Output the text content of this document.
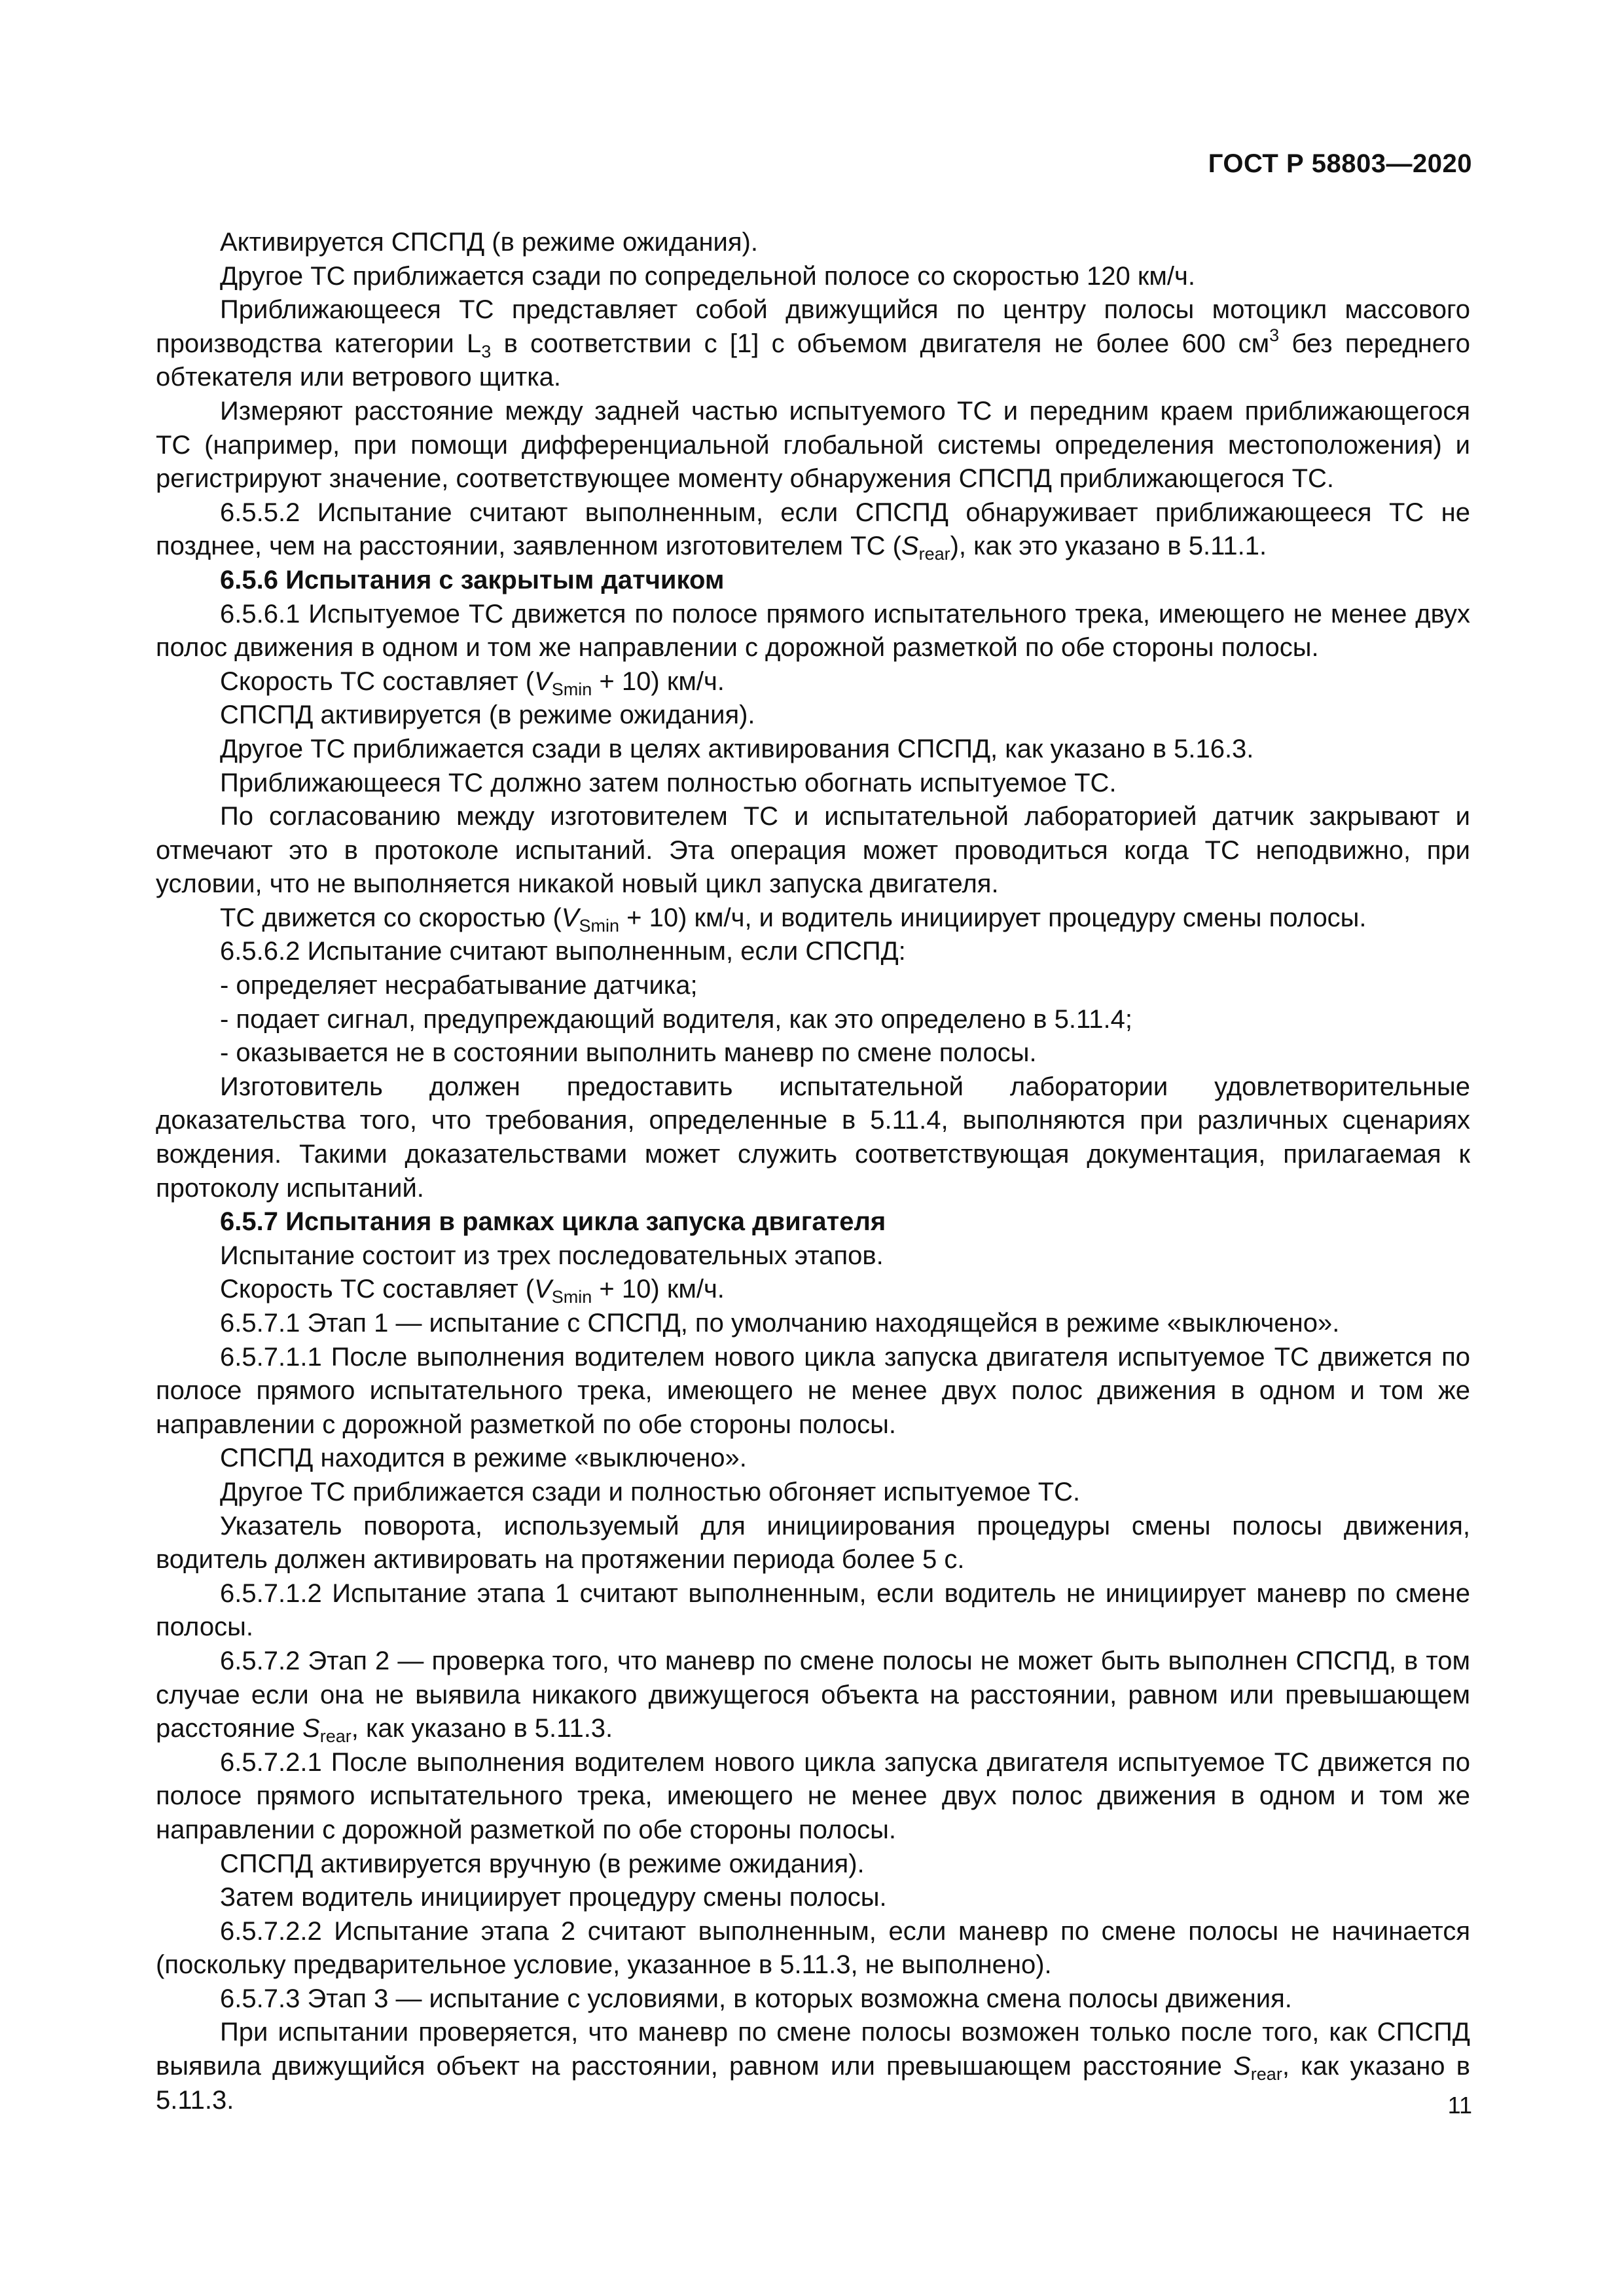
ГОСТ Р 58803—2020

Активируется СПСПД (в режиме ожидания).

Другое ТС приближается сзади по сопредельной полосе со скоростью 120 км/ч.

Приближающееся ТС представляет собой движущийся по центру полосы мотоцикл массового производства категории $L_3$ в соответствии с [1] с объемом двигателя не более 600 $см^3$ без переднего обтекателя или ветрового щитка.

Измеряют расстояние между задней частью испытуемого ТС и передним краем приближающегося ТС (например, при помощи дифференциальной глобальной системы определения местоположения) и регистрируют значение, соответствующее моменту обнаружения СПСПД приближающегося ТС.

6.5.5.2 Испытание считают выполненным, если СПСПД обнаруживает приближающееся ТС не позднее, чем на расстоянии, заявленном изготовителем ТС $(S_{rear})$, как это указано в 5.11.1.

6.5.6 Испытания с закрытым датчиком

6.5.6.1 Испытуемое ТС движется по полосе прямого испытательного трека, имеющего не менее двух полос движения в одном и том же направлении с дорожной разметкой по обе стороны полосы.

Скорость ТС составляет $(V_{Smin} + 10)$ км/ч.

СПСПД активируется (в режиме ожидания).

Другое ТС приближается сзади в целях активирования СПСПД, как указано в 5.16.3.

Приближающееся ТС должно затем полностью обогнать испытуемое ТС.

По согласованию между изготовителем ТС и испытательной лабораторией датчик закрывают и отмечают это в протоколе испытаний. Эта операция может проводиться когда ТС неподвижно, при условии, что не выполняется никакой новый цикл запуска двигателя.

ТС движется со скоростью $(V_{Smin} + 10)$ км/ч, и водитель инициирует процедуру смены полосы.

6.5.6.2 Испытание считают выполненным, если СПСПД:

- определяет несрабатывание датчика;

- подает сигнал, предупреждающий водителя, как это определено в 5.11.4;

- оказывается не в состоянии выполнить маневр по смене полосы.

Изготовитель должен предоставить испытательной лаборатории удовлетворительные доказательства того, что требования, определенные в 5.11.4, выполняются при различных сценариях вождения. Такими доказательствами может служить соответствующая документация, прилагаемая к протоколу испытаний.

6.5.7 Испытания в рамках цикла запуска двигателя

Испытание состоит из трех последовательных этапов.

Скорость ТС составляет $(V_{Smin} + 10)$ км/ч.

6.5.7.1 Этап 1 — испытание с СПСПД, по умолчанию находящейся в режиме «выключено».

6.5.7.1.1 После выполнения водителем нового цикла запуска двигателя испытуемое ТС движется по полосе прямого испытательного трека, имеющего не менее двух полос движения в одном и том же направлении с дорожной разметкой по обе стороны полосы.

СПСПД находится в режиме «выключено».

Другое ТС приближается сзади и полностью обгоняет испытуемое ТС.

Указатель поворота, используемый для инициирования процедуры смены полосы движения, водитель должен активировать на протяжении периода более 5 с.

6.5.7.1.2 Испытание этапа 1 считают выполненным, если водитель не инициирует маневр по смене полосы.

6.5.7.2 Этап 2 — проверка того, что маневр по смене полосы не может быть выполнен СПСПД, в том случае если она не выявила никакого движущегося объекта на расстоянии, равном или превышающем расстояние $S_{rear}$, как указано в 5.11.3.

6.5.7.2.1 После выполнения водителем нового цикла запуска двигателя испытуемое ТС движется по полосе прямого испытательного трека, имеющего не менее двух полос движения в одном и том же направлении с дорожной разметкой по обе стороны полосы.

СПСПД активируется вручную (в режиме ожидания).

Затем водитель инициирует процедуру смены полосы.

6.5.7.2.2 Испытание этапа 2 считают выполненным, если маневр по смене полосы не начинается (поскольку предварительное условие, указанное в 5.11.3, не выполнено).

6.5.7.3 Этап 3 — испытание с условиями, в которых возможна смена полосы движения.

При испытании проверяется, что маневр по смене полосы возможен только после того, как СПСПД выявила движущийся объект на расстоянии, равном или превышающем расстояние $S_{rear}$, как указано в 5.11.3.	11
